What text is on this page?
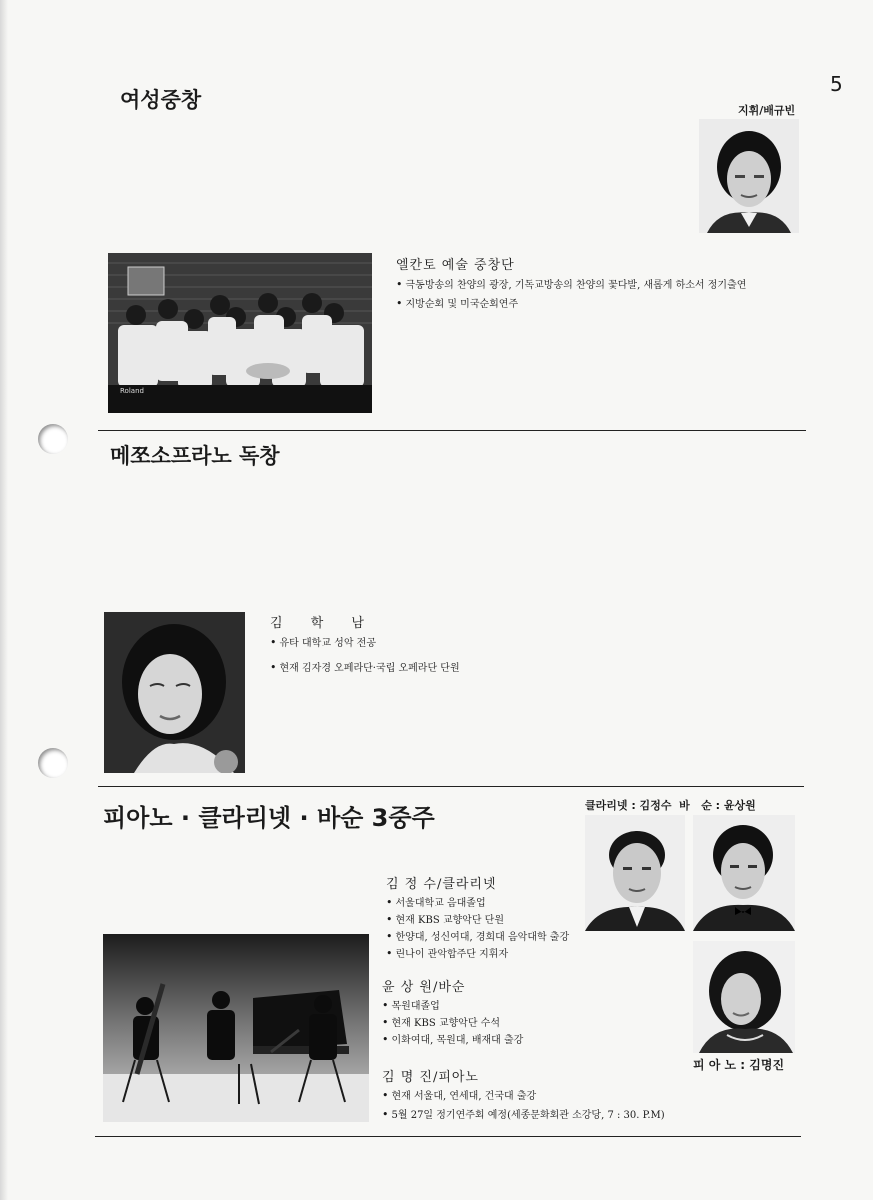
5
여성중창	지휘/배규빈
Roland
엘칸토 예술 중창단
• 극동방송의 찬양의 광장, 기독교방송의 찬양의 꽃다발, 새롭게 하소서 정기출연
• 지방순회 및 미국순회연주
메쪼소프라노 독창
김 학 남
• 유타 대학교 성악 전공
• 현재 김자경 오페라단·국립 오페라단 단원
피아노 · 클라리넷 · 바순 3중주	클라리넷 : 김정수  바   순 : 윤상원
피 아 노 : 김명진
김 정 수/클라리넷
• 서울대학교 음대졸업
• 현재 KBS 교향악단 단원
• 한양대, 성신여대, 경희대 음악대학 출강
• 린나이 관악합주단 지휘자
윤 상 원/바순
• 목원대졸업
• 현재 KBS 교향악단 수석
• 이화여대, 목원대, 배재대 출강
김 명 진/피아노
• 현재 서울대, 연세대, 건국대 출강
• 5월 27일 정기연주회 예정(세종문화회관 소강당, 7 : 30. P.M)
